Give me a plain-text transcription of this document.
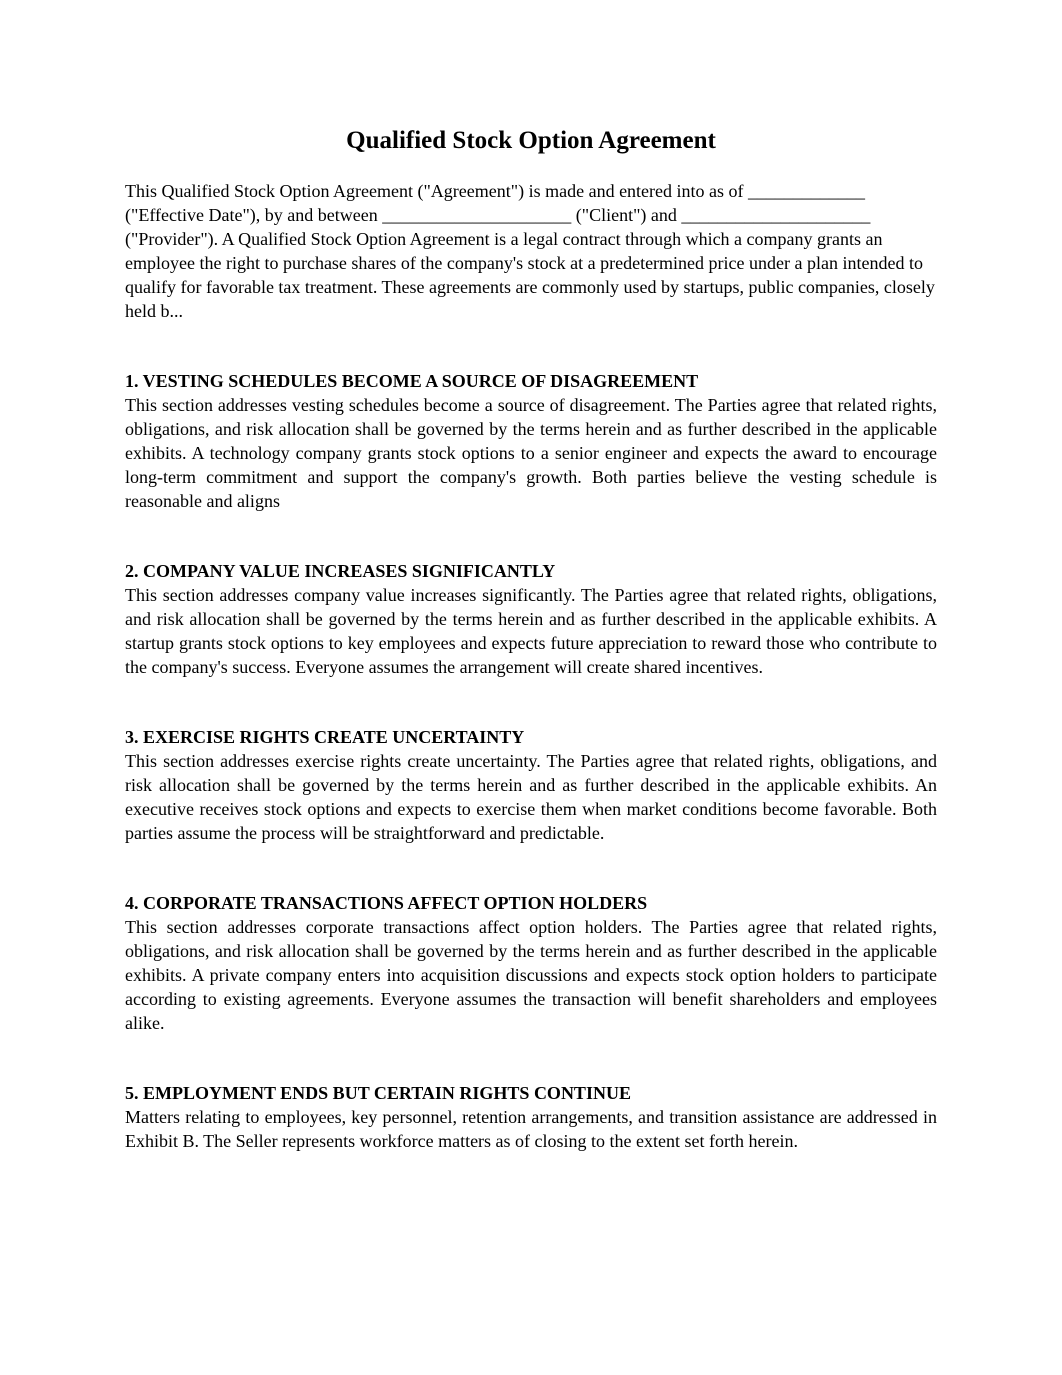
Qualified Stock Option Agreement

This Qualified Stock Option Agreement ("Agreement") is made and entered into as of _____________ ("Effective Date"), by and between _____________________ ("Client") and _____________________ ("Provider"). A Qualified Stock Option Agreement is a legal contract through which a company grants an employee the right to purchase shares of the company's stock at a predetermined price under a plan intended to qualify for favorable tax treatment. These agreements are commonly used by startups, public companies, closely held b...

1. VESTING SCHEDULES BECOME A SOURCE OF DISAGREEMENT

This section addresses vesting schedules become a source of disagreement. The Parties agree that related rights, obligations, and risk allocation shall be governed by the terms herein and as further described in the applicable exhibits. A technology company grants stock options to a senior engineer and expects the award to encourage long-term commitment and support the company's growth. Both parties believe the vesting schedule is reasonable and aligns

2. COMPANY VALUE INCREASES SIGNIFICANTLY

This section addresses company value increases significantly. The Parties agree that related rights, obligations, and risk allocation shall be governed by the terms herein and as further described in the applicable exhibits. A startup grants stock options to key employees and expects future appreciation to reward those who contribute to the company's success. Everyone assumes the arrangement will create shared incentives.

3. EXERCISE RIGHTS CREATE UNCERTAINTY

This section addresses exercise rights create uncertainty. The Parties agree that related rights, obligations, and risk allocation shall be governed by the terms herein and as further described in the applicable exhibits. An executive receives stock options and expects to exercise them when market conditions become favorable. Both parties assume the process will be straightforward and predictable.

4. CORPORATE TRANSACTIONS AFFECT OPTION HOLDERS

This section addresses corporate transactions affect option holders. The Parties agree that related rights, obligations, and risk allocation shall be governed by the terms herein and as further described in the applicable exhibits. A private company enters into acquisition discussions and expects stock option holders to participate according to existing agreements. Everyone assumes the transaction will benefit shareholders and employees alike.

5. EMPLOYMENT ENDS BUT CERTAIN RIGHTS CONTINUE

Matters relating to employees, key personnel, retention arrangements, and transition assistance are addressed in Exhibit B. The Seller represents workforce matters as of closing to the extent set forth herein.
